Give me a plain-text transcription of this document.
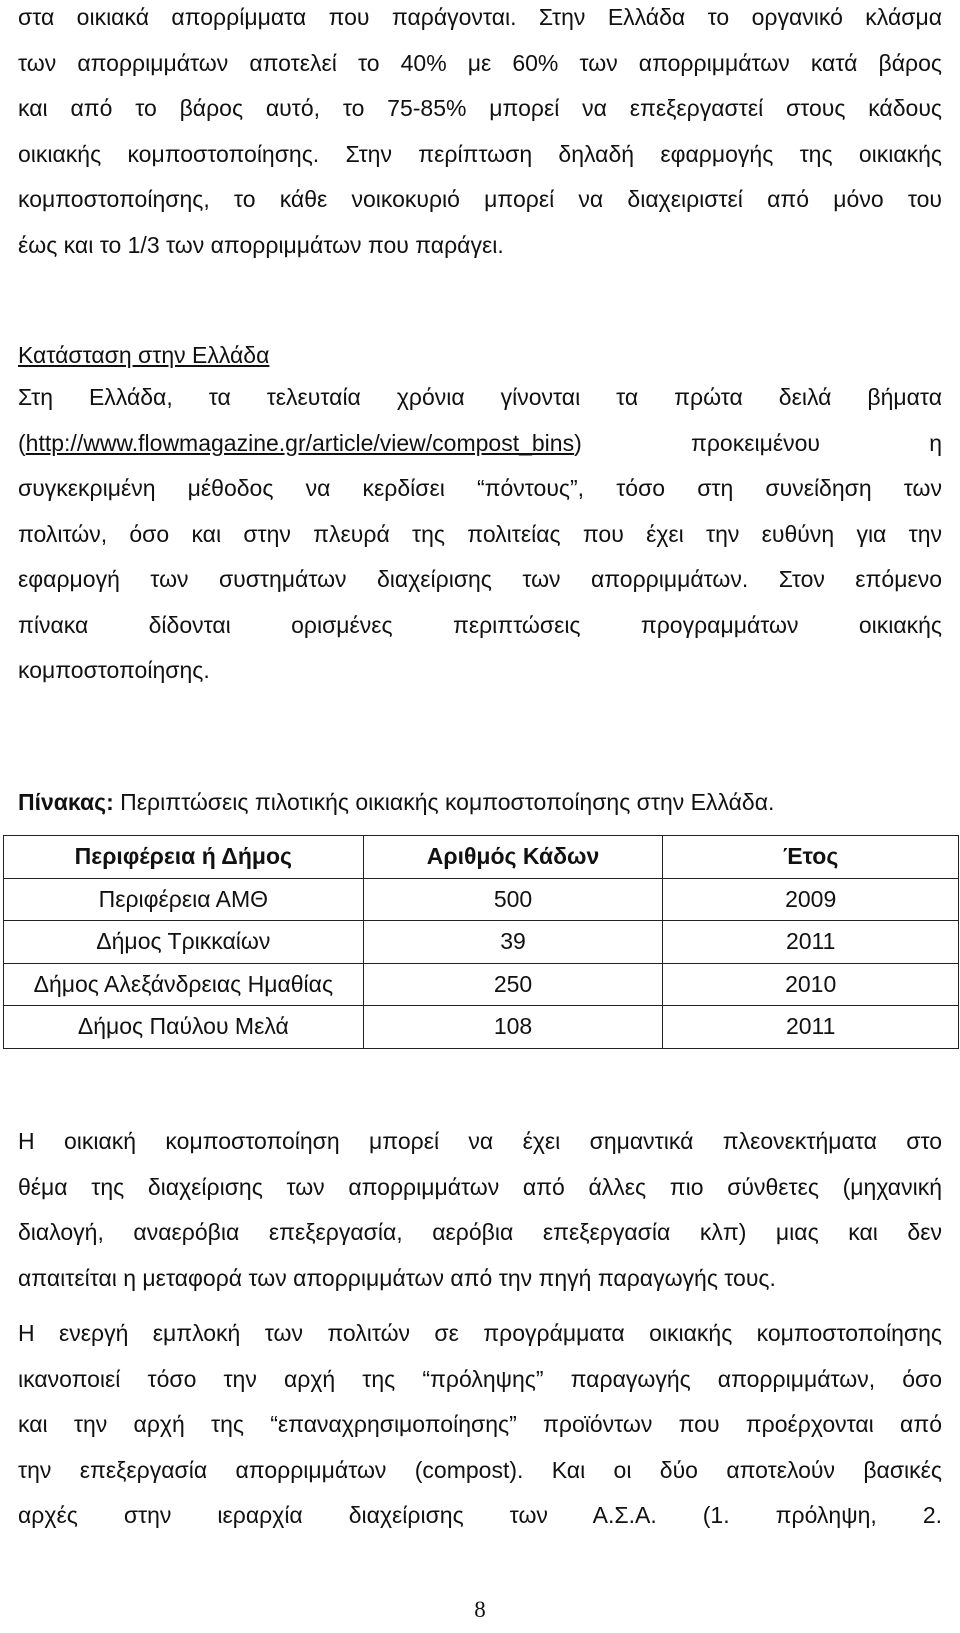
στα οικιακά απορρίμματα που παράγονται. Στην Ελλάδα το οργανικό κλάσμα
των απορριμμάτων αποτελεί το 40% με 60% των απορριμμάτων κατά βάρος
και από το βάρος αυτό, το 75-85% μπορεί να επεξεργαστεί στους κάδους
οικιακής κομποστοποίησης. Στην περίπτωση δηλαδή εφαρμογής της οικιακής
κομποστοποίησης, το κάθε νοικοκυριό μπορεί να διαχειριστεί από μόνο του
έως και το 1/3 των απορριμμάτων που παράγει.
Κατάσταση στην Ελλάδα
Στη Ελλάδα, τα τελευταία χρόνια γίνονται τα πρώτα δειλά βήματα
(http://www.flowmagazine.gr/article/view/compost_bins) προκειμένου η
συγκεκριμένη μέθοδος να κερδίσει “πόντους”, τόσο στη συνείδηση των
πολιτών, όσο και στην πλευρά της πολιτείας που έχει την ευθύνη για την
εφαρμογή των συστημάτων διαχείρισης των απορριμμάτων. Στον επόμενο
πίνακα δίδονται ορισμένες περιπτώσεις προγραμμάτων οικιακής
κομποστοποίησης.
Πίνακας: Περιπτώσεις πιλοτικής οικιακής κομποστοποίησης στην Ελλάδα.
Περιφέρεια ή Δήμος	Αριθμός Κάδων	Έτος
Περιφέρεια ΑΜΘ	500	2009
Δήμος Τρικκαίων	39	2011
Δήμος Αλεξάνδρειας Ημαθίας	250	2010
Δήμος Παύλου Μελά	108	2011
Η οικιακή κομποστοποίηση μπορεί να έχει σημαντικά πλεονεκτήματα στο
θέμα της διαχείρισης των απορριμμάτων από άλλες πιο σύνθετες (μηχανική
διαλογή, αναερόβια επεξεργασία, αερόβια επεξεργασία κλπ) μιας και δεν
απαιτείται η μεταφορά των απορριμμάτων από την πηγή παραγωγής τους.
Η ενεργή εμπλοκή των πολιτών σε προγράμματα οικιακής κομποστοποίησης
ικανοποιεί τόσο την αρχή της “πρόληψης” παραγωγής απορριμμάτων, όσο
και την αρχή της “επαναχρησιμοποίησης” προϊόντων που προέρχονται από
την επεξεργασία απορριμμάτων (compost). Και οι δύο αποτελούν βασικές
αρχές στην ιεραρχία διαχείρισης των Α.Σ.Α. (1. πρόληψη, 2.
8
